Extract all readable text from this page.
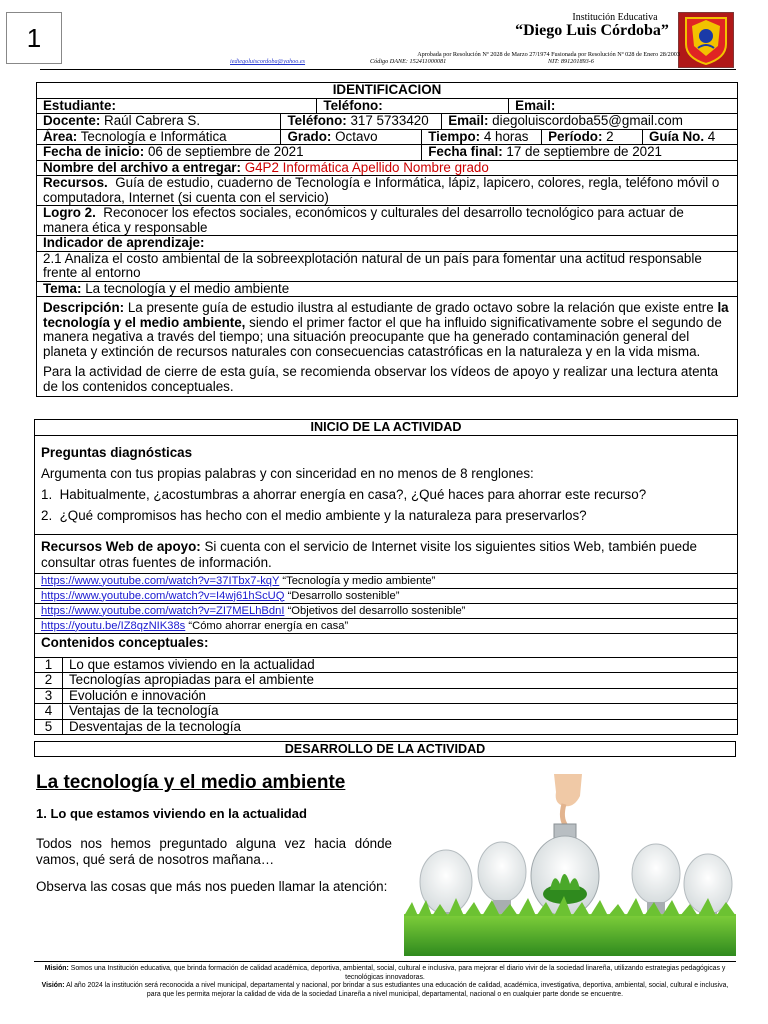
1
Institución Educativa
“Diego Luis Córdoba”
Aprobada por Resolución Nº 2028 de Marzo 27/1974 Fusionada por Resolución Nº 028 de Enero 28/2003
iediegoluiscordoba@yahoo.es	Código DANE: 152411000081	NIT: 891201893-6
IDENTIFICACION							
Estudiante:		Teléfono:			Email:		
Docente: Raúl Cabrera S.	Teléfono: 317 5733420			Email: diegoluiscordoba55@gmail.com			
Área: Tecnología e Informática	Grado: Octavo		Tiempo: 4 horas			Período: 2	Guía No. 4
Fecha de inicio: 06 de septiembre de 2021			Fecha final: 17 de septiembre de 2021				
Nombre del archivo a entregar: G4P2 Informática Apellido Nombre grado							
Recursos. Guía de estudio, cuaderno de Tecnología e Informática, lápiz, lapicero, colores, regla, teléfono móvil o computadora, Internet (si cuenta con el servicio)							
Logro 2. Reconocer los efectos sociales, económicos y culturales del desarrollo tecnológico para actuar de manera ética y responsable							
Indicador de aprendizaje:							
2.1 Analiza el costo ambiental de la sobreexplotación natural de un país para fomentar una actitud responsable frente al entorno							
Tema: La tecnología y el medio ambiente							

Descripción: La presente guía de estudio ilustra al estudiante de grado octavo sobre la relación que existe entre la tecnología y el medio ambiente, siendo el primer factor el que ha influido significativamente sobre el segundo de manera negativa a través del tiempo; una situación preocupante que ha generado contaminación general del planeta y extinción de recursos naturales con consecuencias catastróficas en la naturaleza y en la vida misma.
Para la actividad de cierre de esta guía, se recomienda observar los vídeos de apoyo y realizar una lectura atenta de los contenidos conceptuales.							
INICIO DE LA ACTIVIDAD	

Preguntas diagnósticas
Argumenta con tus propias palabras y con sinceridad en no menos de 8 renglones:
1. Habitualmente, ¿acostumbras a ahorrar energía en casa?, ¿Qué haces para ahorrar este recurso?
2. ¿Qué compromisos has hecho con el medio ambiente y la naturaleza para preservarlos?	

Recursos Web de apoyo: Si cuenta con el servicio de Internet visite los siguientes sitios Web, también puede consultar otras fuentes de información.	
https://www.youtube.com/watch?v=37ITbx7-kqY “Tecnología y medio ambiente”	
https://www.youtube.com/watch?v=I4wj61hScUQ “Desarrollo sostenible”	
https://www.youtube.com/watch?v=ZI7MELhBdnI “Objetivos del desarrollo sostenible”	
https://youtu.be/IZ8qzNIK38s “Cómo ahorrar energía en casa”	
Contenidos conceptuales:	
1	Lo que estamos viviendo en la actualidad
2	Tecnologías apropiadas para el ambiente
3	Evolución e innovación
4	Ventajas de la tecnología
5	Desventajas de la tecnología
DESARROLLO DE LA ACTIVIDAD
La tecnología y el medio ambiente
1. Lo que estamos viviendo en la actualidad
Todos nos hemos preguntado alguna vez hacia dónde vamos, qué será de nosotros mañana…
Observa las cosas que más nos pueden llamar la atención:
Misión: Somos una Institución educativa, que brinda formación de calidad académica, deportiva, ambiental, social, cultural e inclusiva, para mejorar el diario vivir de la sociedad linareña, utilizando estrategias pedagógicas y tecnológicas innovadoras.
Visión: Al año 2024 la institución será reconocida a nivel municipal, departamental y nacional, por brindar a sus estudiantes una educación de calidad, académica, investigativa, deportiva, ambiental, social, cultural e inclusiva, para que les permita mejorar la calidad de vida de la sociedad Linareña a nivel municipal, departamental, nacional o en cualquier parte donde se encuentre.
